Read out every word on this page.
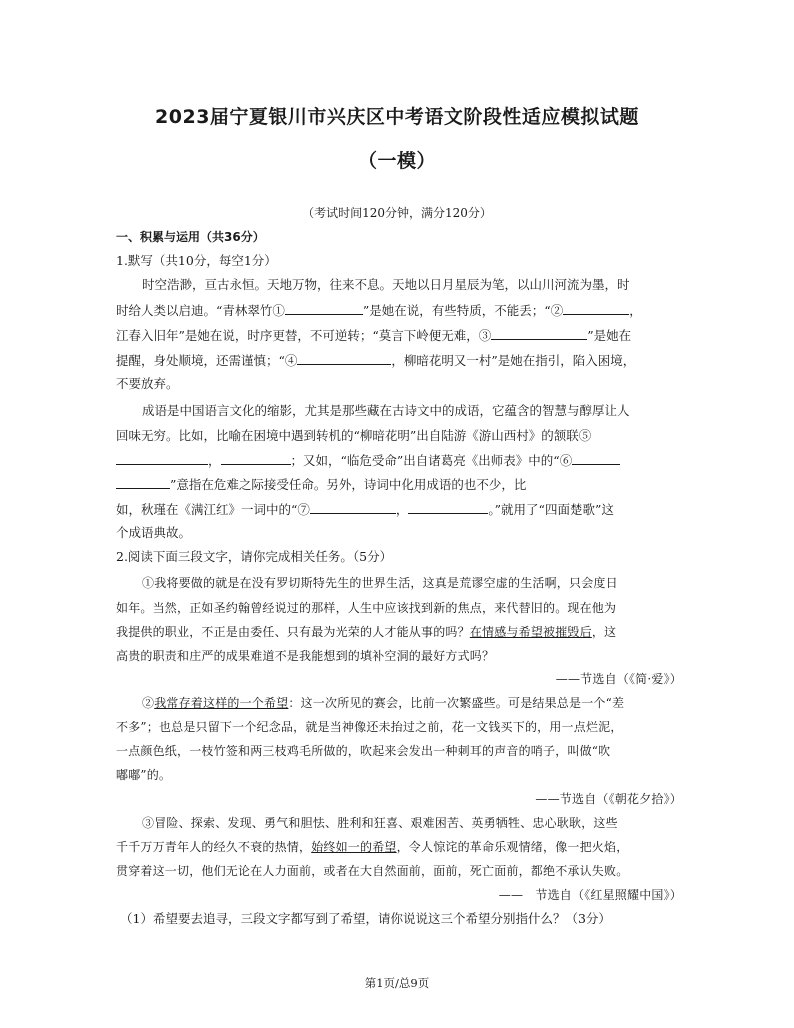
2023届宁夏银川市兴庆区中考语文阶段性适应模拟试题
（一模）
（考试时间120分钟，满分120分）
一、积累与运用（共36分）
1.默写（共10分，每空1分）
时空浩渺，亘古永恒。天地万物，往来不息。天地以日月星辰为笔，以山川河流为墨，时
时给人类以启迪。“青林翠竹①	”是她在说，有些特质，不能丢；“②	，
江春入旧年”是她在说，时序更替，不可逆转；“莫言下岭便无难，③	”是她在
提醒，身处顺境，还需谨慎；“④	，柳暗花明又一村”是她在指引，陷入困境，
不要放弃。
成语是中国语言文化的缩影，尤其是那些藏在古诗文中的成语，它蕴含的智慧与醇厚让人
回味无穷。比如，比喻在困境中遇到转机的“柳暗花明”出自陆游《游山西村》的颔联⑤
，	；又如，“临危受命”出自诸葛亮《出师表》中的“⑥
”意指在危难之际接受任命。另外，诗词中化用成语的也不少，比
如，秋瑾在《满江红》一词中的“⑦	，	。”就用了“四面楚歌”这
个成语典故。
2.阅读下面三段文字，请你完成相关任务。（5分）
①我将要做的就是在没有罗切斯特先生的世界生活，这真是荒谬空虚的生活啊，只会度日
如年。当然，正如圣约翰曾经说过的那样，人生中应该找到新的焦点，来代替旧的。现在他为
我提供的职业，不正是由委任、只有最为光荣的人才能从事的吗？在情感与希望被摧毁后，这
高贵的职责和庄严的成果难道不是我能想到的填补空洞的最好方式吗？
——节选自（《简·爱》）
②我常存着这样的一个希望：这一次所见的赛会，比前一次繁盛些。可是结果总是一个“差
不多”；也总是只留下一个纪念品，就是当神像还未抬过之前，花一文钱买下的，用一点烂泥，
一点颜色纸，一枝竹签和两三枝鸡毛所做的，吹起来会发出一种刺耳的声音的哨子，叫做“吹
嘟嘟”的。
——节选自（《朝花夕拾》）
③冒险、探索、发现、勇气和胆怯、胜利和狂喜、艰难困苦、英勇牺牲、忠心耿耿，这些
千千万万青年人的经久不衰的热情，始终如一的希望，令人惊诧的革命乐观情绪，像一把火焰，
贯穿着这一切，他们无论在人力面前，或者在大自然面前，面前，死亡面前，都绝不承认失败。
——　节选自（《红星照耀中国》）
（1）希望要去追寻，三段文字都写到了希望，请你说说这三个希望分别指什么？（3分）
第1页/总9页
